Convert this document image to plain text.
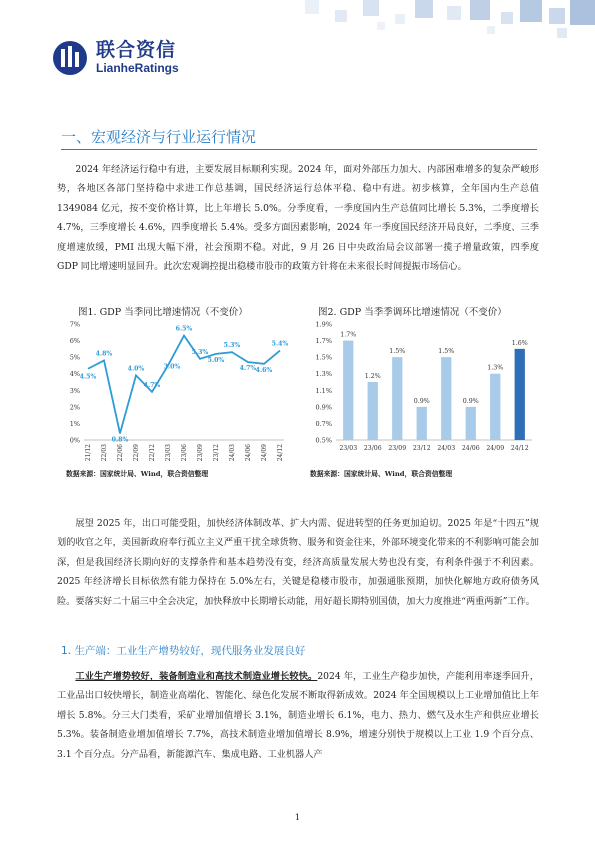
联合资信
LianheRatings
一、宏观经济与行业运行情况

2024 年经济运行稳中有进，主要发展目标顺利实现。2024 年，面对外部压力加大、内部困难增多的复杂严峻形势，各地区各部门坚持稳中求进工作总基调，国民经济运行总体平稳、稳中有进。初步核算，全年国内生产总值 1349084 亿元，按不变价格计算，比上年增长 5.0%。分季度看，一季度国内生产总值同比增长 5.3%，二季度增长 4.7%，三季度增长 4.6%，四季度增长 5.4%。受多方面因素影响，2024 年一季度国民经济开局良好，二季度、三季度增速放缓，PMI 出现大幅下滑，社会预期不稳。对此，9 月 26 日中央政治局会议部署一揽子增量政策，四季度 GDP 同比增速明显回升。此次宏观调控提出稳楼市股市的政策方针将在未来很长时间提振市场信心。

图1. GDP 当季同比增速情况（不变价）
0%
1%
2%
3%
4%
5%
6%
7%
21/12 22/03 22/06 22/09 22/12 23/03 23/06 23/09 23/12 24/03 24/06 24/09 24/12
4.5%
4.8%
0.8%
4.0%
4.7%
3.0%
6.5%
5.3%
5.0%
5.3%
4.7% 4.6%
5.4%
数据来源：国家统计局、Wind，联合资信整理
图2. GDP 当季季调环比增速情况（不变价）
0.5%
0.7%
0.9%
1.1%
1.3%
1.5%
1.7%
1.9%
1.7%
23/03
1.2%
23/06
1.5%
23/09
0.9%
23/12
1.5%
24/03
0.9%
24/06
1.3%
24/09
1.6%
24/12
数据来源：国家统计局、Wind，联合资信整理

展望 2025 年，出口可能受阻，加快经济体制改革、扩大内需、促进转型的任务更加迫切。2025 年是“十四五”规划的收官之年，美国新政府奉行孤立主义严重干扰全球货物、服务和资金往来，外部环境变化带来的不利影响可能会加深，但是我国经济长期向好的支撑条件和基本趋势没有变，经济高质量发展大势也没有变，有利条件强于不利因素。2025 年经济增长目标依然有能力保持在 5.0%左右，关键是稳楼市股市，加强通胀预期，加快化解地方政府债务风险。要落实好二十届三中全会决定，加快释放中长期增长动能，用好超长期特别国债，加大力度推进“两重两新”工作。

1. 生产端：工业生产增势较好，现代服务业发展良好

工业生产增势较好，装备制造业和高技术制造业增长较快。2024 年，工业生产稳步加快，产能利用率逐季回升，工业品出口较快增长，制造业高端化、智能化、绿色化发展不断取得新成效。2024 年全国规模以上工业增加值比上年增长 5.8%。分三大门类看，采矿业增加值增长 3.1%，制造业增长 6.1%，电力、热力、燃气及水生产和供应业增长 5.3%。装备制造业增加值增长 7.7%，高技术制造业增加值增长 8.9%，增速分别快于规模以上工业 1.9 个百分点、3.1 个百分点。分产品看，新能源汽车、集成电路、工业机器人产

1
